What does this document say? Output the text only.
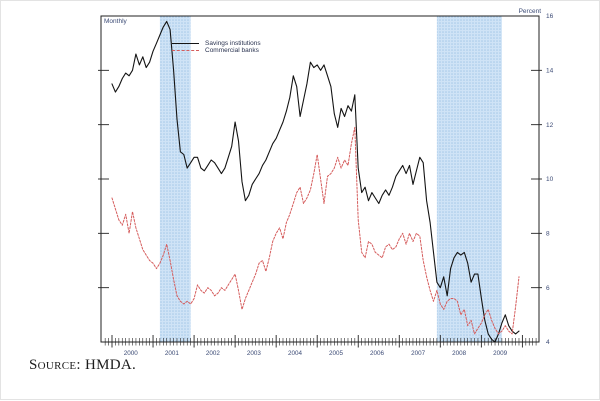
4
6
8
10
12
14
16
2000	2001	2002	2003	2004	2005	2006	2007	2008	2009
Monthly
Percent
Savings institutions
Commercial banks
Source: HMDA.
